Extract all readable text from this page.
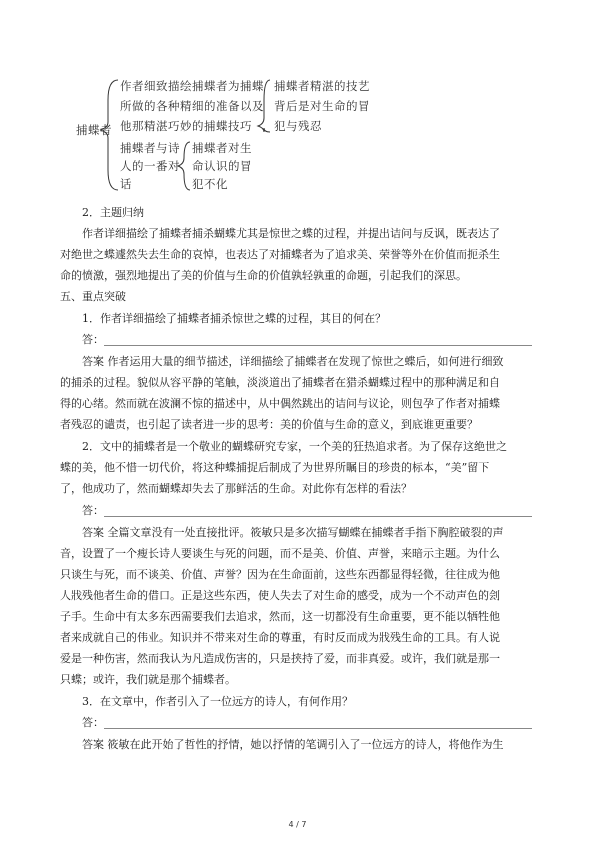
捕蝶者
作者细致描绘捕蝶者为捕蝶
所做的各种精细的准备以及
他那精湛巧妙的捕蝶技巧
捕蝶者精湛的技艺
背后是对生命的冒
犯与残忍
捕蝶者与诗
人的一番对
话
捕蝶者对生
命认识的冒
犯不化
2．主题归纳
作者详细描绘了捕蝶者捕杀蝴蝶尤其是惊世之蝶的过程，并提出诘问与反讽，既表达了
对绝世之蝶遽然失去生命的哀悼，也表达了对捕蝶者为了追求美、荣誉等外在价值而扼杀生
命的愤激，强烈地提出了美的价值与生命的价值孰轻孰重的命题，引起我们的深思。
五、重点突破
1．作者详细描绘了捕蝶者捕杀惊世之蝶的过程，其目的何在？
答：
答案 作者运用大量的细节描述，详细描绘了捕蝶者在发现了惊世之蝶后，如何进行细致
的捕杀的过程。貌似从容平静的笔触，淡淡道出了捕蝶者在猎杀蝴蝶过程中的那种满足和自
得的心绪。然而就在波澜不惊的描述中，从中偶然跳出的诘问与议论，则包孕了作者对捕蝶
者残忍的谴责，也引起了读者进一步的思考：美的价值与生命的意义，到底谁更重要？
2．文中的捕蝶者是一个敬业的蝴蝶研究专家，一个美的狂热追求者。为了保存这绝世之
蝶的美，他不惜一切代价，将这种蝶捕捉后制成了为世界所瞩目的珍贵的标本，“美”留下
了，他成功了，然而蝴蝶却失去了那鲜活的生命。对此你有怎样的看法？
答：
答案 全篇文章没有一处直接批评。筱敏只是多次描写蝴蝶在捕蝶者手指下胸腔破裂的声
音，设置了一个瘦长诗人要谈生与死的问题，而不是美、价值、声誉，来暗示主题。为什么
只谈生与死，而不谈美、价值、声誉？因为在生命面前，这些东西都显得轻微，往往成为他
人戕残他者生命的借口。正是这些东西，使人失去了对生命的感受，成为一个不动声色的刽
子手。生命中有太多东西需要我们去追求，然而，这一切都没有生命重要，更不能以牺牲他
者来成就自己的伟业。知识并不带来对生命的尊重，有时反而成为戕残生命的工具。有人说
爱是一种伤害，然而我认为凡造成伤害的，只是挟持了爱，而非真爱。或许，我们就是那一
只蝶；或许，我们就是那个捕蝶者。
3．在文章中，作者引入了一位远方的诗人，有何作用？
答：
答案 筱敏在此开始了哲性的抒情，她以抒情的笔调引入了一位远方的诗人，将他作为生
4 / 7
